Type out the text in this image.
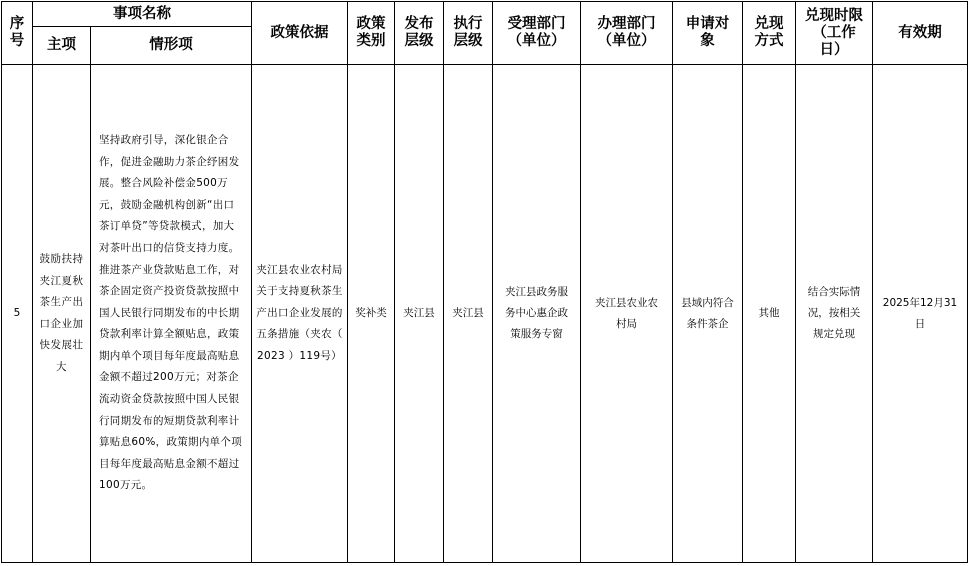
序号	事项名称		政策依据	政策类别	发布层级	执行层级	受理部门（单位）	办理部门（单位）	申请对象	兑现方式	兑现时限（工作日）	有效期
	主项	情形项										
5	鼓励扶持夹江夏秋茶生产出口企业加快发展壮大	坚持政府引导，深化银企合作，促进金融助力茶企纾困发展。整合风险补偿金500万元，鼓励金融机构创新“出口茶订单贷”等贷款模式，加大对茶叶出口的信贷支持力度。推进茶产业贷款贴息工作，对茶企固定资产投资贷款按照中国人民银行同期发布的中长期贷款利率计算全额贴息，政策期内单个项目每年度最高贴息金额不超过200万元；对茶企流动资金贷款按照中国人民银行同期发布的短期贷款利率计算贴息60%，政策期内单个项目每年度最高贴息金额不超过100万元。	夹江县农业农村局关于支持夏秋茶生产出口企业发展的五条措施（夹农（ 2023 ）119号）	奖补类	夹江县	夹江县	夹江县政务服务中心惠企政策服务专窗	夹江县农业农村局	县域内符合条件茶企	其他	结合实际情况，按相关规定兑现	2025年12月31日
